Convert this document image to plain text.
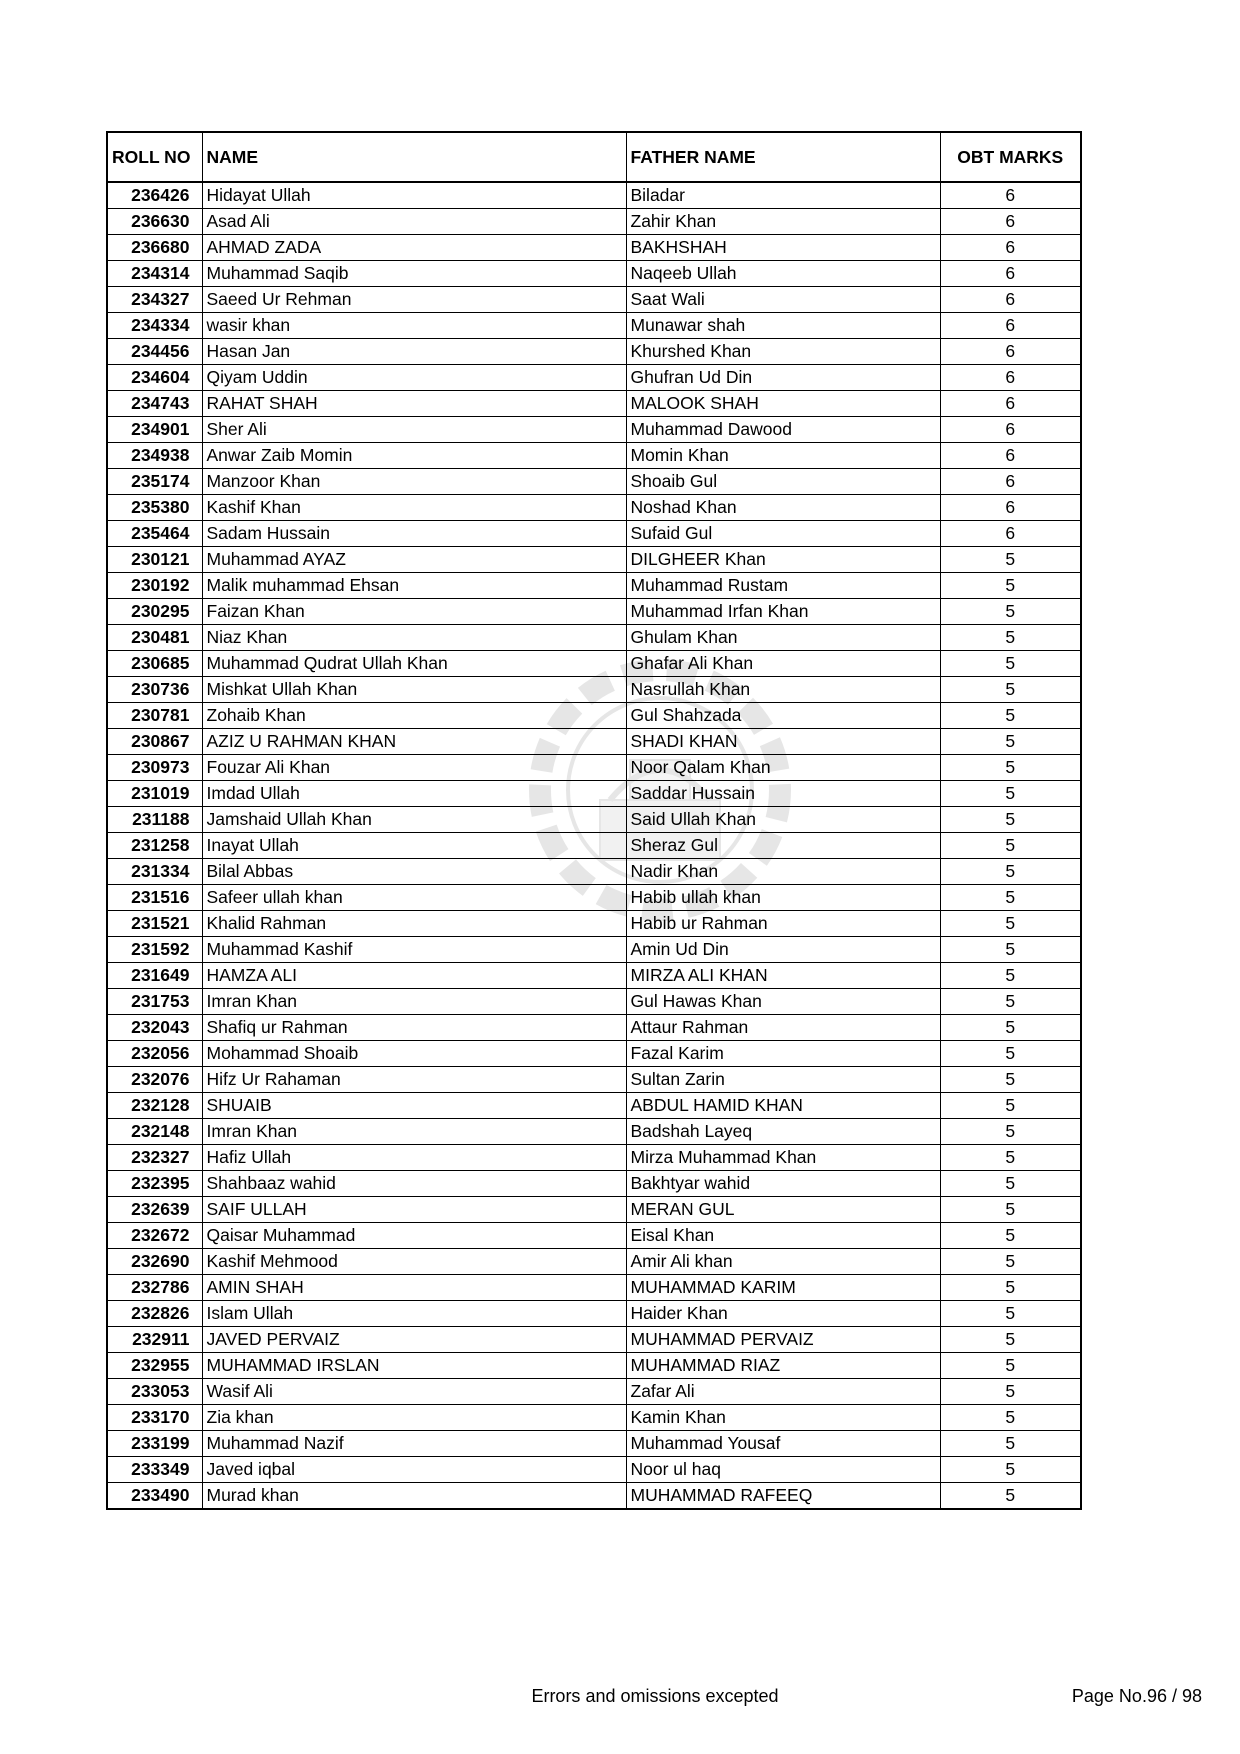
ROLL NO	NAME	FATHER NAME	OBT MARKS
236426	Hidayat Ullah	Biladar	6
236630	Asad Ali	Zahir Khan	6
236680	AHMAD ZADA	BAKHSHAH	6
234314	Muhammad Saqib	Naqeeb Ullah	6
234327	Saeed Ur Rehman	Saat Wali	6
234334	wasir khan	Munawar shah	6
234456	Hasan Jan	Khurshed Khan	6
234604	Qiyam Uddin	Ghufran Ud Din	6
234743	RAHAT SHAH	MALOOK SHAH	6
234901	Sher Ali	Muhammad Dawood	6
234938	Anwar Zaib Momin	Momin Khan	6
235174	Manzoor Khan	Shoaib Gul	6
235380	Kashif Khan	Noshad Khan	6
235464	Sadam Hussain	Sufaid Gul	6
230121	Muhammad AYAZ	DILGHEER Khan	5
230192	Malik muhammad Ehsan	Muhammad Rustam	5
230295	Faizan Khan	Muhammad Irfan Khan	5
230481	Niaz Khan	Ghulam Khan	5
230685	Muhammad Qudrat Ullah Khan	Ghafar Ali Khan	5
230736	Mishkat Ullah Khan	Nasrullah Khan	5
230781	Zohaib Khan	Gul Shahzada	5
230867	AZIZ U RAHMAN KHAN	SHADI KHAN	5
230973	Fouzar Ali Khan	Noor Qalam Khan	5
231019	Imdad Ullah	Saddar Hussain	5
231188	Jamshaid Ullah Khan	Said Ullah Khan	5
231258	Inayat Ullah	Sheraz Gul	5
231334	Bilal Abbas	Nadir Khan	5
231516	Safeer ullah khan	Habib ullah khan	5
231521	Khalid Rahman	Habib ur Rahman	5
231592	Muhammad Kashif	Amin Ud Din	5
231649	HAMZA ALI	MIRZA ALI KHAN	5
231753	Imran Khan	Gul Hawas Khan	5
232043	Shafiq ur Rahman	Attaur Rahman	5
232056	Mohammad Shoaib	Fazal Karim	5
232076	Hifz Ur Rahaman	Sultan Zarin	5
232128	SHUAIB	ABDUL HAMID KHAN	5
232148	Imran Khan	Badshah Layeq	5
232327	Hafiz Ullah	Mirza Muhammad Khan	5
232395	Shahbaaz wahid	Bakhtyar wahid	5
232639	SAIF ULLAH	MERAN GUL	5
232672	Qaisar Muhammad	Eisal Khan	5
232690	Kashif Mehmood	Amir Ali khan	5
232786	AMIN SHAH	MUHAMMAD KARIM	5
232826	Islam Ullah	Haider Khan	5
232911	JAVED PERVAIZ	MUHAMMAD PERVAIZ	5
232955	MUHAMMAD IRSLAN	MUHAMMAD RIAZ	5
233053	Wasif Ali	Zafar Ali	5
233170	Zia khan	Kamin Khan	5
233199	Muhammad Nazif	Muhammad Yousaf	5
233349	Javed iqbal	Noor ul haq	5
233490	Murad khan	MUHAMMAD RAFEEQ	5
Errors and omissions excepted	Page No.96 / 98
